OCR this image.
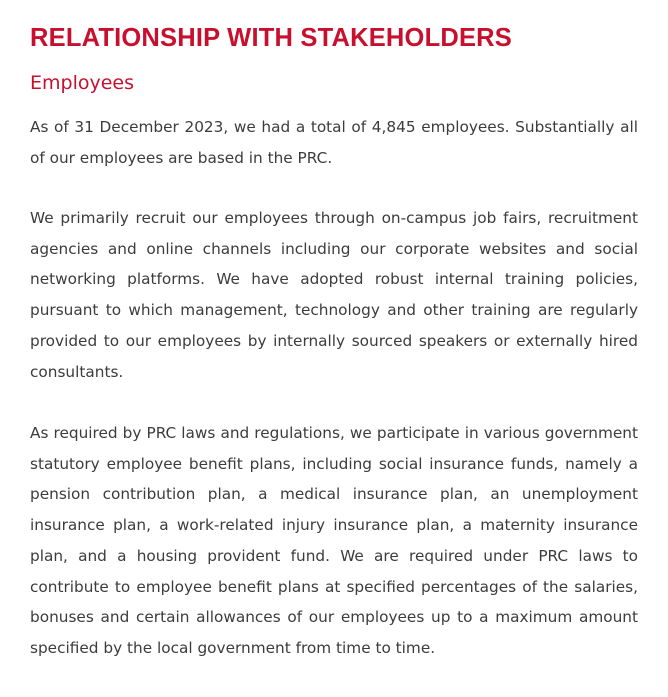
RELATIONSHIP WITH STAKEHOLDERS
Employees

As of 31 December 2023, we had a total of 4,845 employees. Substantially all of our employees are based in the PRC.

We primarily recruit our employees through on-campus job fairs, recruitment agencies and online channels including our corporate websites and social networking platforms. We have adopted robust internal training policies, pursuant to which management, technology and other training are regularly provided to our employees by internally sourced speakers or externally hired consultants.

As required by PRC laws and regulations, we participate in various government statutory employee benefit plans, including social insurance funds, namely a pension contribution plan, a medical insurance plan, an unemployment insurance plan, a work-related injury insurance plan, a maternity insurance plan, and a housing provident fund. We are required under PRC laws to contribute to employee benefit plans at specified percentages of the salaries, bonuses and certain allowances of our employees up to a maximum amount specified by the local government from time to time.
